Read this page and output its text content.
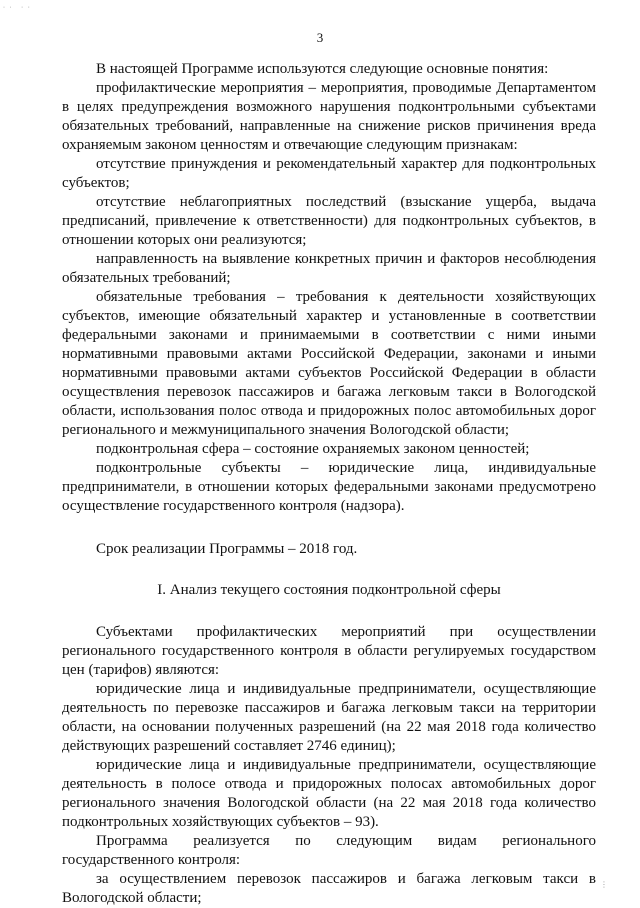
˙ ˙   ˙ ˙
⋮
3

В настоящей Программе используются следующие основные понятия:

профилактические мероприятия – мероприятия, проводимые Департаментом в целях предупреждения возможного нарушения подконтрольными субъектами обязательных требований, направленные на снижение рисков причинения вреда охраняемым законом ценностям и отвечающие следующим признакам:

отсутствие принуждения и рекомендательный характер для подконтрольных субъектов;

отсутствие неблагоприятных последствий (взыскание ущерба, выдача предписаний, привлечение к ответственности) для подконтрольных субъектов, в отношении которых они реализуются;

направленность на выявление конкретных причин и факторов несоблюдения обязательных требований;

обязательные требования – требования к деятельности хозяйствующих субъектов, имеющие обязательный характер и установленные в соответствии федеральными законами и принимаемыми в соответствии с ними иными нормативными правовыми актами Российской Федерации, законами и иными нормативными правовыми актами субъектов Российской Федерации в области осуществления перевозок пассажиров и багажа легковым такси в Вологодской области, использования полос отвода и придорожных полос автомобильных дорог регионального и межмуниципального значения Вологодской области;

подконтрольная сфера – состояние охраняемых законом ценностей;

подконтрольные субъекты – юридические лица, индивидуальные предприниматели, в отношении которых федеральными законами предусмотрено осуществление государственного контроля (надзора).

Срок реализации Программы – 2018 год.

I. Анализ текущего состояния подконтрольной сферы

Субъектами профилактических мероприятий при осуществлении регионального государственного контроля в области регулируемых государством цен (тарифов) являются:

юридические лица и индивидуальные предприниматели, осуществляющие деятельность по перевозке пассажиров и багажа легковым такси на территории области, на основании полученных разрешений (на 22 мая 2018 года количество действующих разрешений составляет 2746 единиц);

юридические лица и индивидуальные предприниматели, осуществляющие деятельность в полосе отвода и придорожных полосах автомобильных дорог регионального значения Вологодской области (на 22 мая 2018 года количество подконтрольных хозяйствующих субъектов – 93).

Программа реализуется по следующим видам регионального государственного контроля:

за осуществлением перевозок пассажиров и багажа легковым такси в Вологодской области;
